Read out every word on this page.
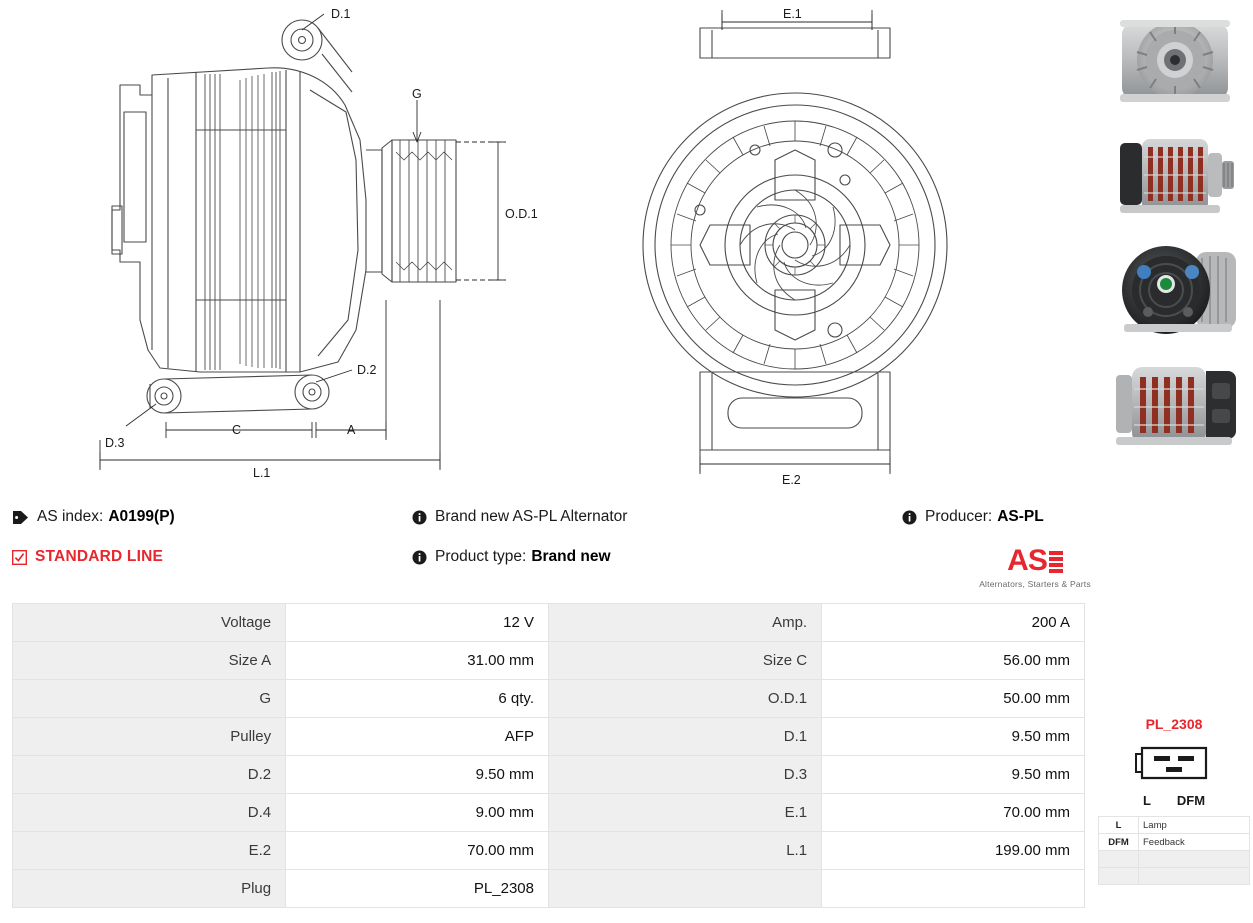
D.1
D.2
D.3
G
O.D.1
A
C
L.1
E.1
E.2
AS index: A0199(P)	Brand new AS-PL Alternator	Producer: AS-PL
STANDARD LINE	Product type: Brand new	AS
Alternators, Starters & Parts
Voltage	12 V	Amp.	200 A
Size A	31.00 mm	Size C	56.00 mm
G	6 qty.	O.D.1	50.00 mm
Pulley	AFP	D.1	9.50 mm
D.2	9.50 mm	D.3	9.50 mm
D.4	9.00 mm	E.1	70.00 mm
E.2	70.00 mm	L.1	199.00 mm
Plug	PL_2308		
PL_2308
L DFM
L	Lamp
DFM	Feedback
